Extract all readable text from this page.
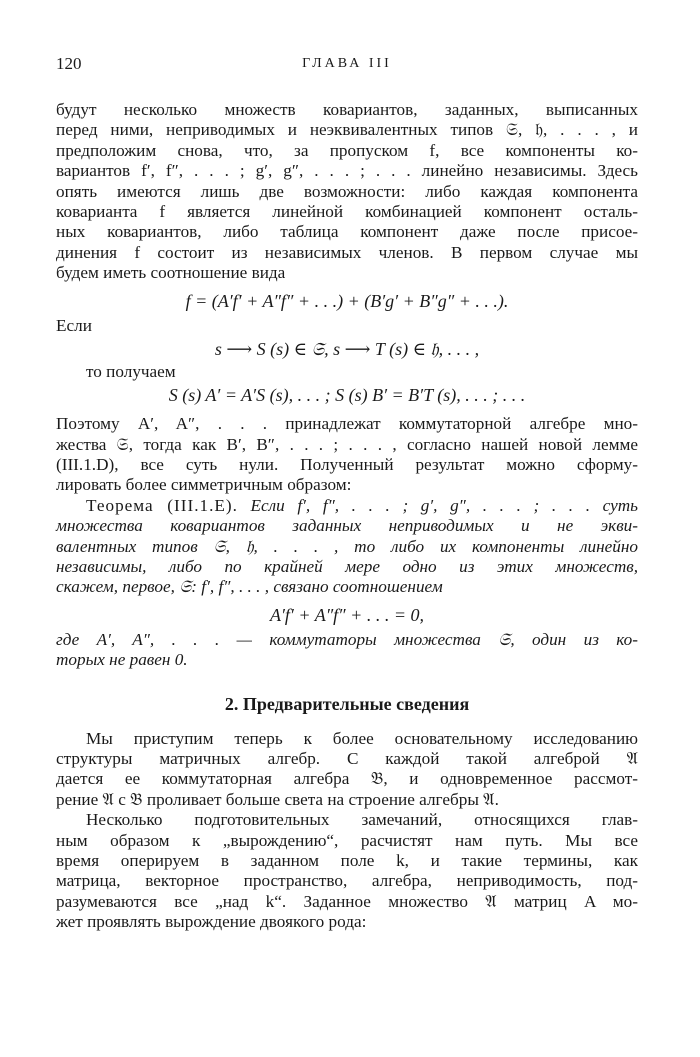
120	ГЛАВА III
будут несколько множеств ковариантов, заданных, выписанных
перед ними, неприводимых и неэквивалентных типов 𝔖, 𝔥, . . . , и
предположим снова, что, за пропуском f, все компоненты ко-
вариантов f′, f″, . . . ; g′, g″, . . . ; . . . линейно независимы. Здесь
опять имеются лишь две возможности: либо каждая компонента
ковариантa f является линейной комбинацией компонент осталь-
ных ковариантов, либо таблица компонент даже после присое-
динения f состоит из независимых членов. В первом случае мы
будем иметь соотношение вида
f = (A′f′ + A″f″ + . . .) + (B′g′ + B″g″ + . . .).
Если
s ⟶ S (s) ∈ 𝔖, s ⟶ T (s) ∈ 𝔥, . . . ,
то получаем
S (s) A′ = A′S (s), . . . ; S (s) B′ = B′T (s), . . . ; . . .
Поэтому A′, A″, . . . принадлежат коммутаторной алгебре мно-
жества 𝔖, тогда как B′, B″, . . . ; . . . , согласно нашей новой лемме
(III.1.D), все суть нули. Полученный результат можно сформу-
лировать более симметричным образом:
Теорема (III.1.E). Если f′, f″, . . . ; g′, g″, . . . ; . . . суть
множества ковариантов заданных неприводимых и не экви-
валентных типов 𝔖, 𝔥, . . . , то либо их компоненты линейно
независимы, либо по крайней мере одно из этих множеств,
скажем, первое, 𝔖: f′, f″, . . . , связано соотношением
A′f′ + A″f″ + . . . = 0,
где A′, A″, . . . — коммутаторы множества 𝔖, один из ко-
торых не равен 0.
2. Предварительные сведения
Мы приступим теперь к более основательному исследованию
структуры матричных алгебр. С каждой такой алгеброй 𝔄
дается ее коммутаторная алгебра 𝔅, и одновременное рассмот-
рение 𝔄 с 𝔅 проливает больше света на строение алгебры 𝔄.
Несколько подготовительных замечаний, относящихся глав-
ным образом к „вырождению“, расчистят нам путь. Мы все
время оперируем в заданном поле k, и такие термины, как
матрица, векторное пространство, алгебра, неприводимость, под-
разумеваются все „над k“. Заданное множество 𝔄 матриц A мо-
жет проявлять вырождение двоякого рода:
